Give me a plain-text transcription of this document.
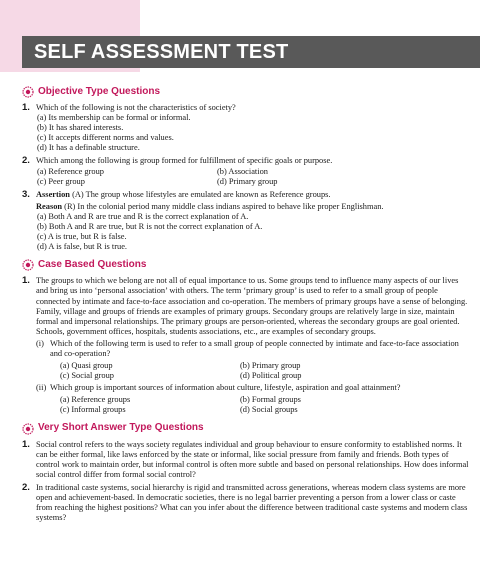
SELF ASSESSMENT TEST
Objective Type Questions
1. Which of the following is not the characteristics of society?
(a) Its membership can be formal or informal.
(b) It has shared interests.
(c) It accepts different norms and values.
(d) It has a definable structure.
2. Which among the following is group formed for fulfillment of specific goals or purpose.
(a) Reference group	(b) Association
(c) Peer group	(d) Primary group
3. Assertion (A) The group whose lifestyles are emulated are known as Reference groups.
Reason (R) In the colonial period many middle class indians aspired to behave like proper Englishman.
(a) Both A and R are true and R is the correct explanation of A.
(b) Both A and R are true, but R is not the correct explanation of A.
(c) A is true, but R is false.
(d) A is false, but R is true.
Case Based Questions
1. The groups to which we belong are not all of equal importance to us. Some groups tend to influence many aspects of our lives and bring us into ‘personal association’ with others. The term ‘primary group’ is used to refer to a small group of people connected by intimate and face-to-face association and co-operation. The members of primary groups have a sense of belonging. Family, village and groups of friends are examples of primary groups. Secondary groups are relatively large in size, maintain formal and impersonal relationships. The primary groups are person-oriented, whereas the secondary groups are goal oriented. Schools, government offices, hospitals, students associations, etc., are examples of secondary groups.
(i) Which of the following term is used to refer to a small group of people connected by intimate and face-to-face association and co-operation?
(a) Quasi group	(b) Primary group
(c) Social group	(d) Political group
(ii) Which group is important sources of information about culture, lifestyle, aspiration and goal attainment?
(a) Reference groups	(b) Formal groups
(c) Informal groups	(d) Social groups
Very Short Answer Type Questions
1. Social control refers to the ways society regulates individual and group behaviour to ensure conformity to established norms. It can be either formal, like laws enforced by the state or informal, like social pressure from family and friends. Both types of control work to maintain order, but informal control is often more subtle and based on personal relationships. How does informal social control differ from formal social control?
2. In traditional caste systems, social hierarchy is rigid and transmitted across generations, whereas modern class systems are more open and achievement-based. In democratic societies, there is no legal barrier preventing a person from a lower class or caste from reaching the highest positions? What can you infer about the difference between traditional caste systems and modern class systems?
